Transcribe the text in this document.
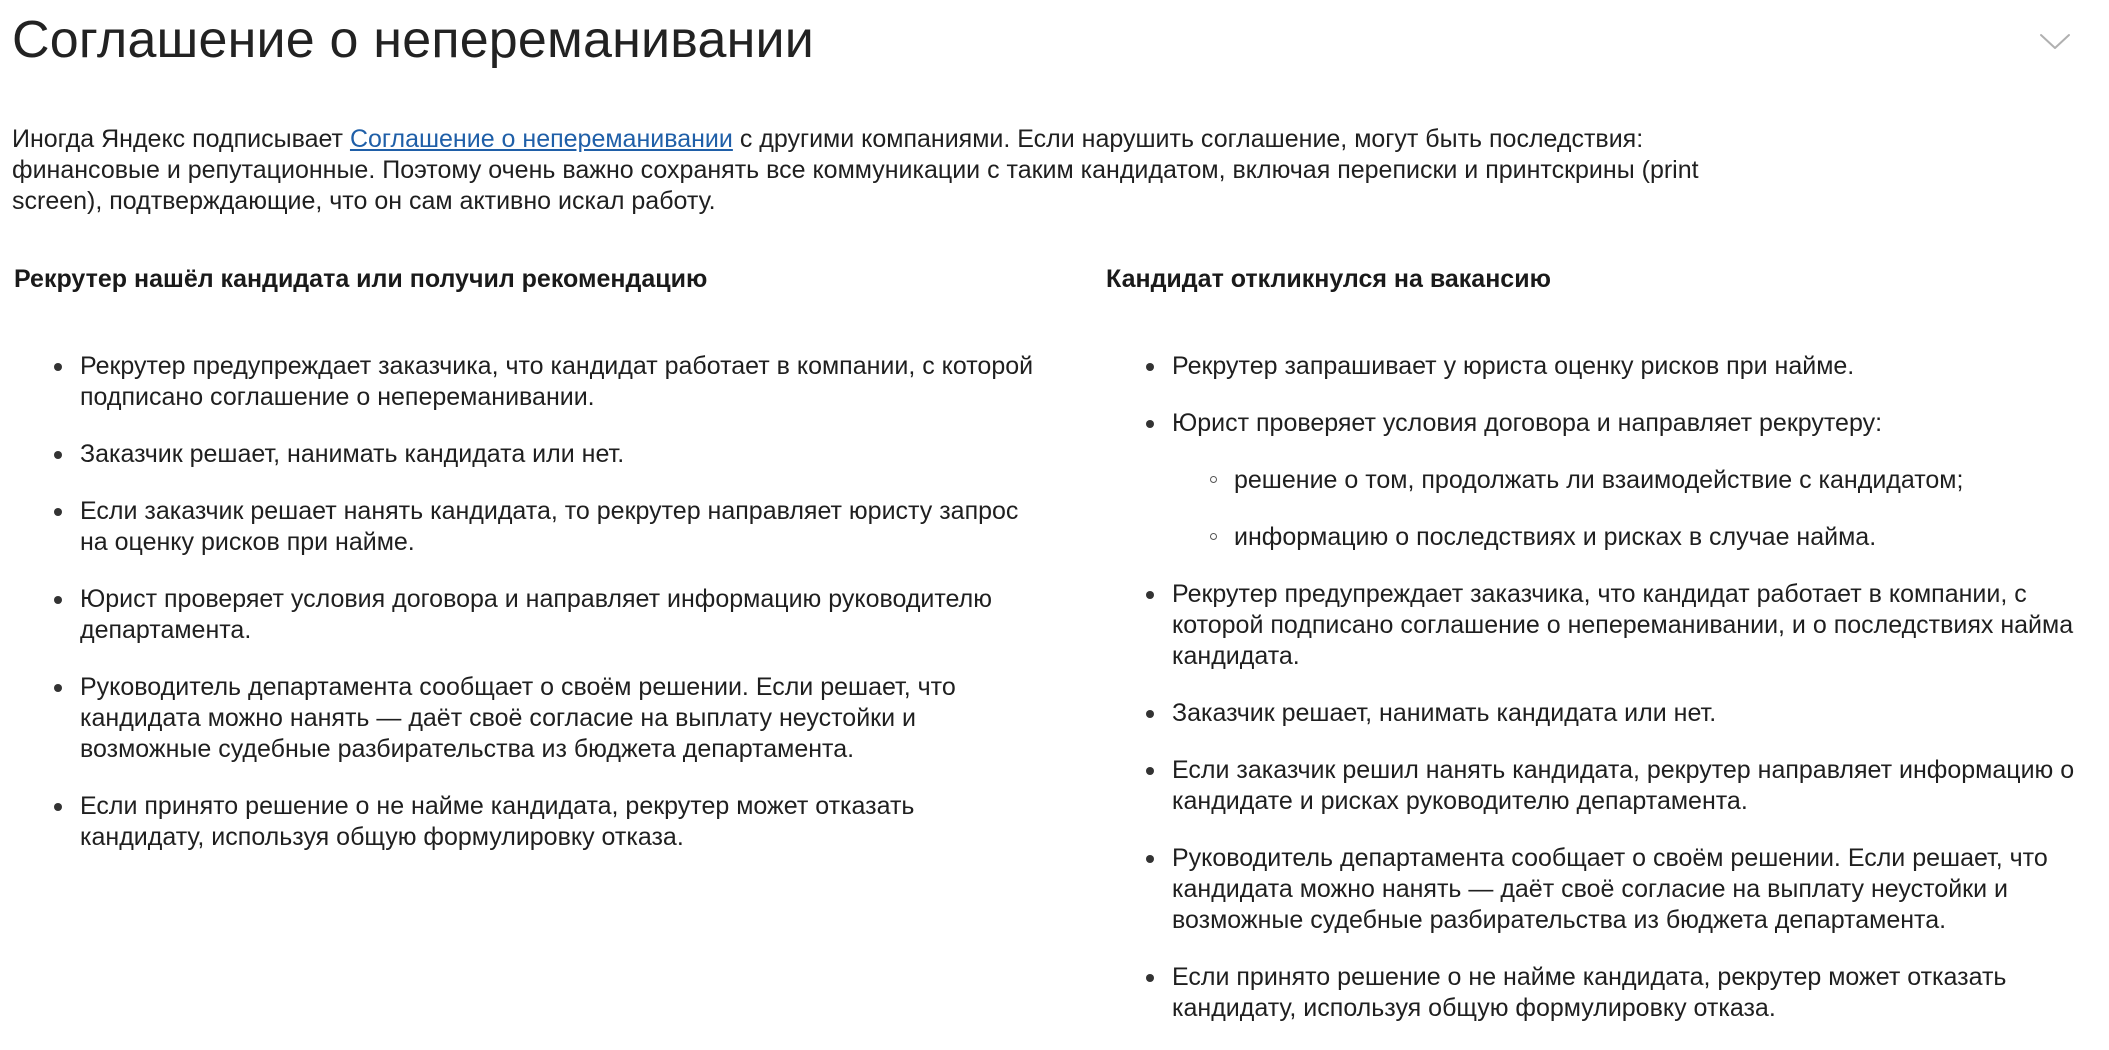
Соглашение о непереманивании

Иногда Яндекс подписывает Соглашение о непереманивании с другими компаниями. Если нарушить соглашение, могут быть последствия: финансовые и репутационные. Поэтому очень важно сохранять все коммуникации с таким кандидатом, включая переписки и принтскрины (print screen), подтверждающие, что он сам активно искал работу.

Рекрутер нашёл кандидата или получил рекомендацию
Рекрутер предупреждает заказчика, что кандидат работает в компании, с которой подписано соглашение о непереманивании.
Заказчик решает, нанимать кандидата или нет.
Если заказчик решает нанять кандидата, то рекрутер направляет юристу запрос на оценку рисков при найме.
Юрист проверяет условия договора и направляет информацию руководителю департамента.
Руководитель департамента сообщает о своём решении. Если решает, что кандидата можно нанять — даёт своё согласие на выплату неустойки и возможные судебные разбирательства из бюджета департамента.
Если принято решение о не найме кандидата, рекрутер может отказать кандидату, используя общую формулировку отказа.
Кандидат откликнулся на вакансию
Рекрутер запрашивает у юриста оценку рисков при найме.
Юрист проверяет условия договора и направляет рекрутеру:
решение о том, продолжать ли взаимодействие с кандидатом;
информацию о последствиях и рисках в случае найма.
Рекрутер предупреждает заказчика, что кандидат работает в компании, с которой подписано соглашение о непереманивании, и о последствиях найма кандидата.
Заказчик решает, нанимать кандидата или нет.
Если заказчик решил нанять кандидата, рекрутер направляет информацию о кандидате и рисках руководителю департамента.
Руководитель департамента сообщает о своём решении. Если решает, что кандидата можно нанять — даёт своё согласие на выплату неустойки и возможные судебные разбирательства из бюджета департамента.
Если принято решение о не найме кандидата, рекрутер может отказать кандидату, используя общую формулировку отказа.
